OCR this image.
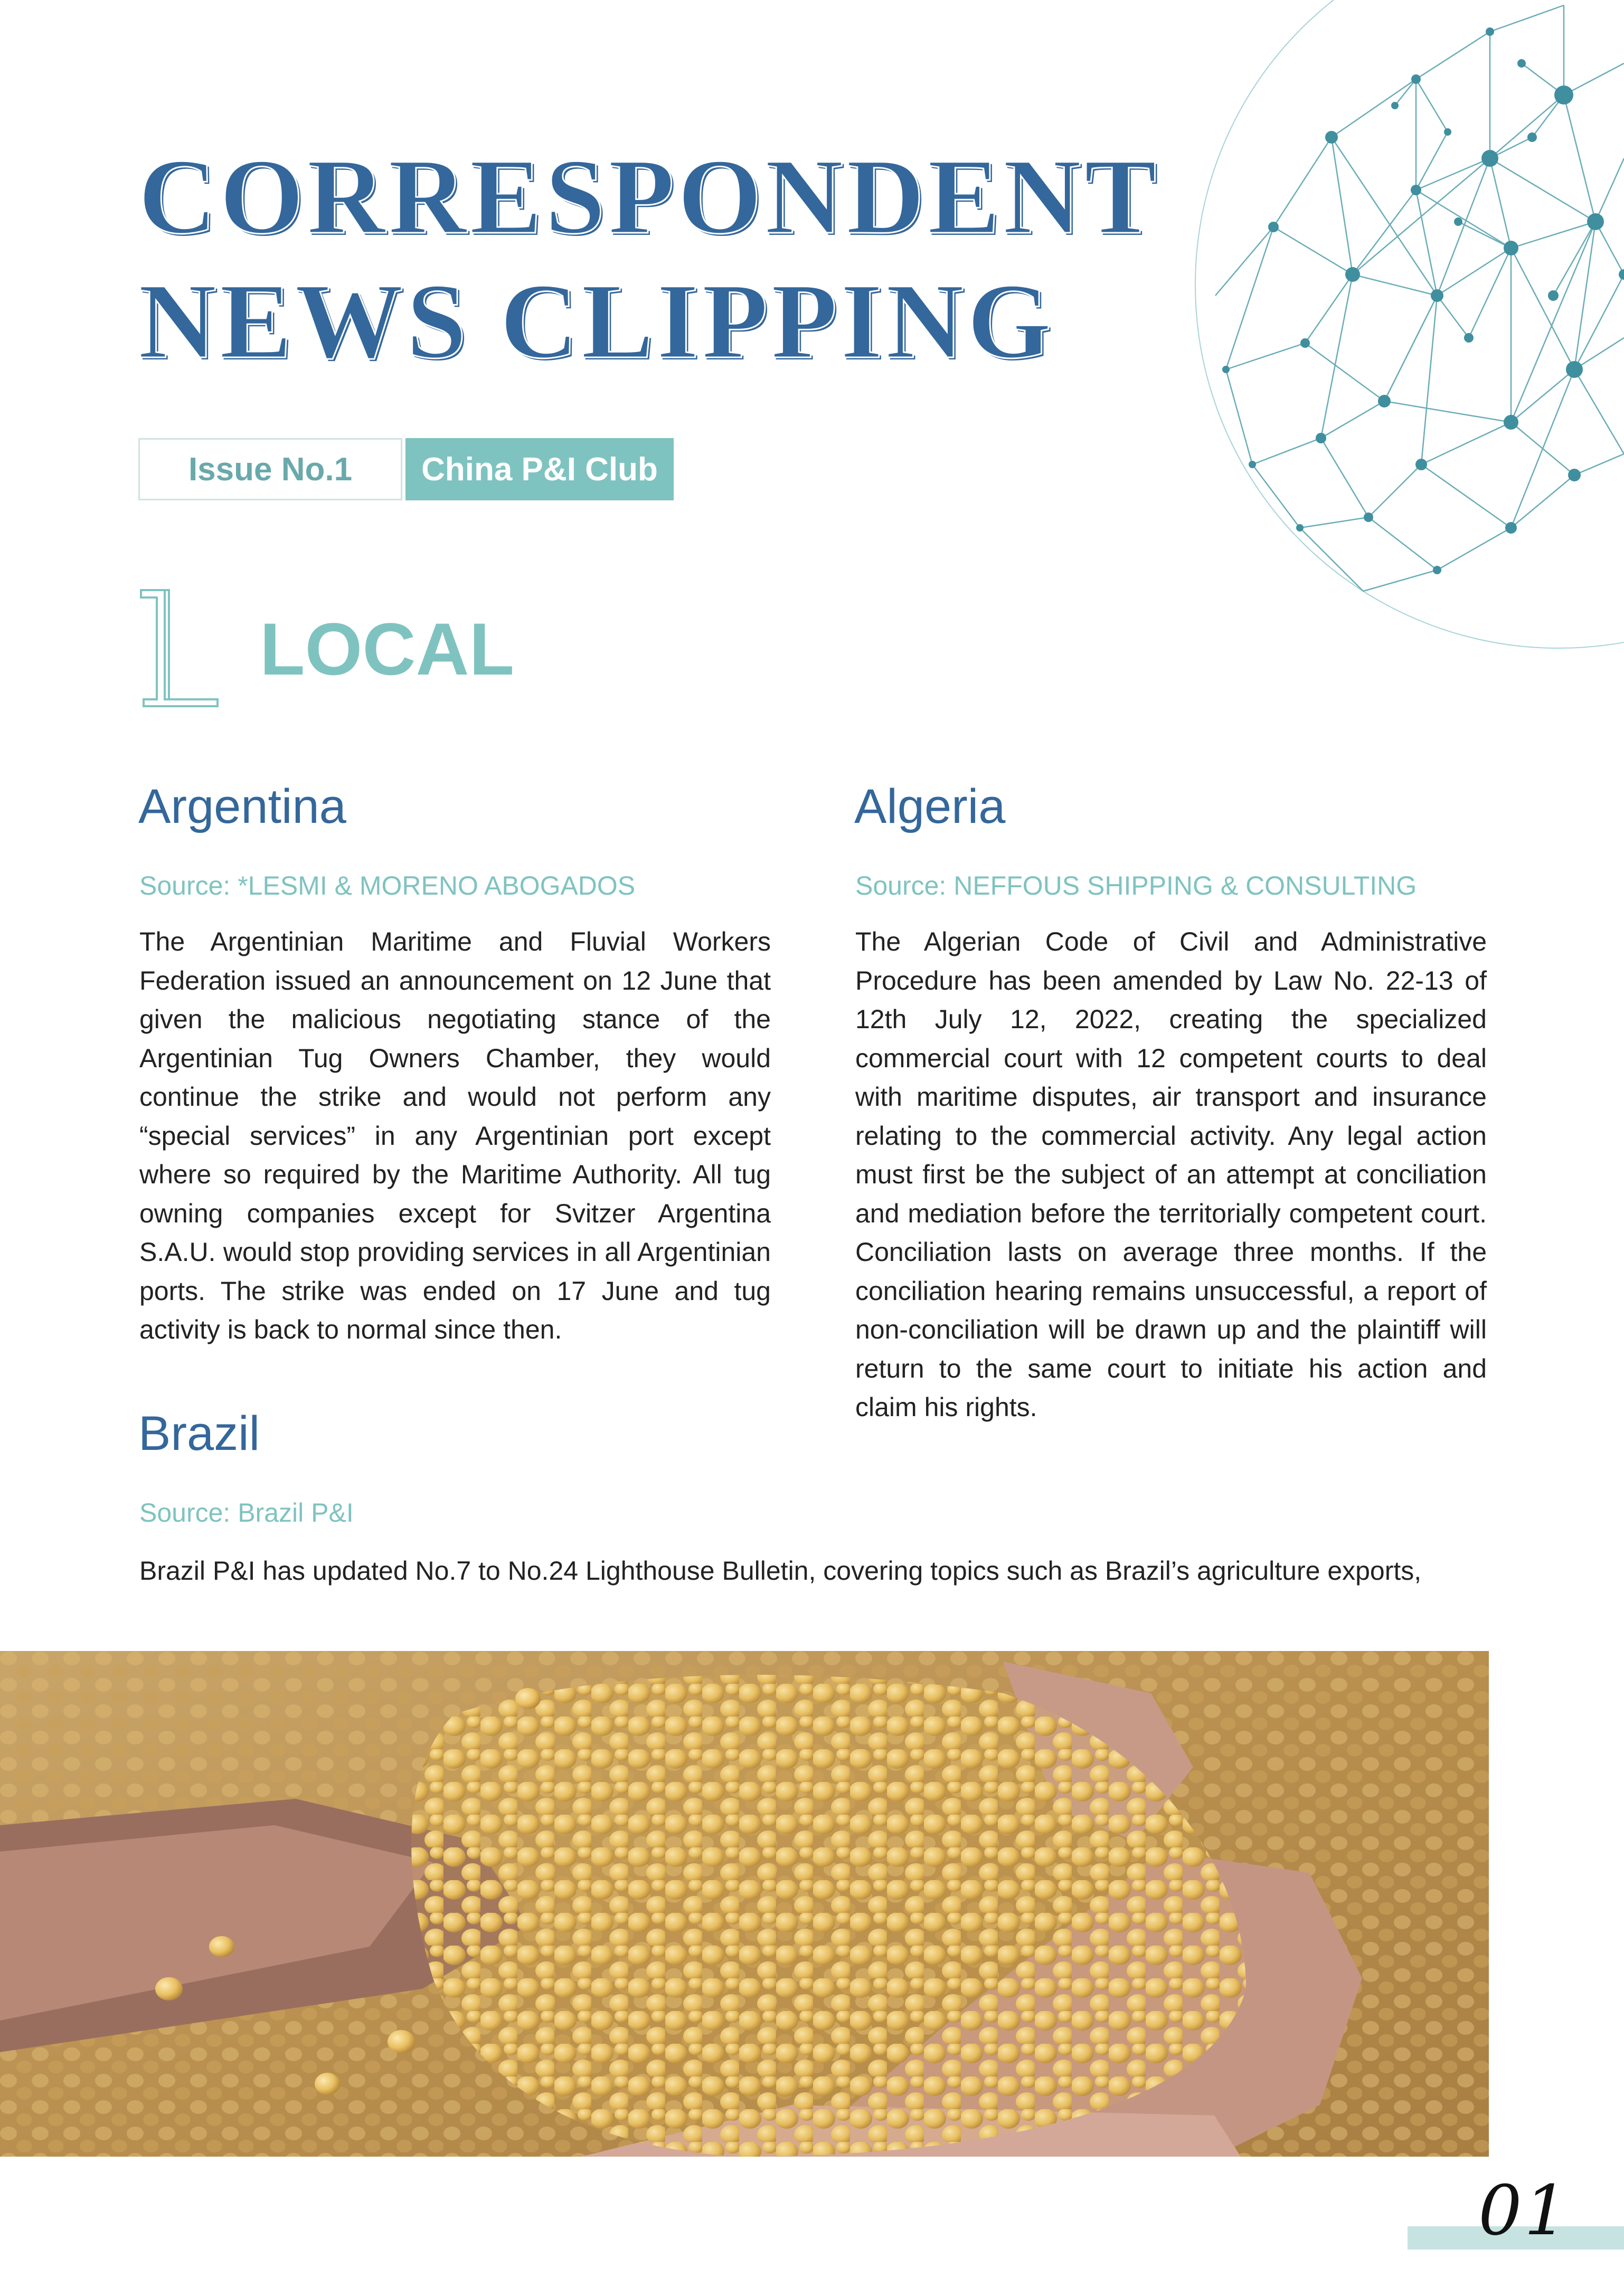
CORRESPONDENT
NEWS CLIPPING
Issue No.1	China P&I Club
LOCAL
Argentina
Source: *LESMI & MORENO ABOGADOS

The Argentinian Maritime and Fluvial Workers Federation issued an announcement on 12 June that given the malicious negotiating stance of the Argentinian Tug Owners Chamber, they would continue the strike and would not perform any “special services” in any Argentinian port except where so required by the Maritime Authority. All tug owning companies except for Svitzer Argentina S.A.U. would stop providing services in all Argentinian ports. The strike was ended on 17 June and tug activity is back to normal since then.

Algeria
Source: NEFFOUS SHIPPING & CONSULTING

The Algerian Code of Civil and Administrative Procedure has been amended by Law No. 22-13 of 12th July 12, 2022, creating the specialized commercial court with 12 competent courts to deal with maritime disputes, air transport and insurance relating to the commercial activity. Any legal action must first be the subject of an attempt at conciliation and mediation before the territorially competent court. Conciliation lasts on average three months. If the conciliation hearing remains unsuccessful, a report of non-conciliation will be drawn up and the plaintiff will return to the same court to initiate his action and claim his rights.

Brazil
Source: Brazil P&I

Brazil P&I has updated No.7 to No.24 Lighthouse Bulletin, covering topics such as Brazil’s agriculture exports,

01
